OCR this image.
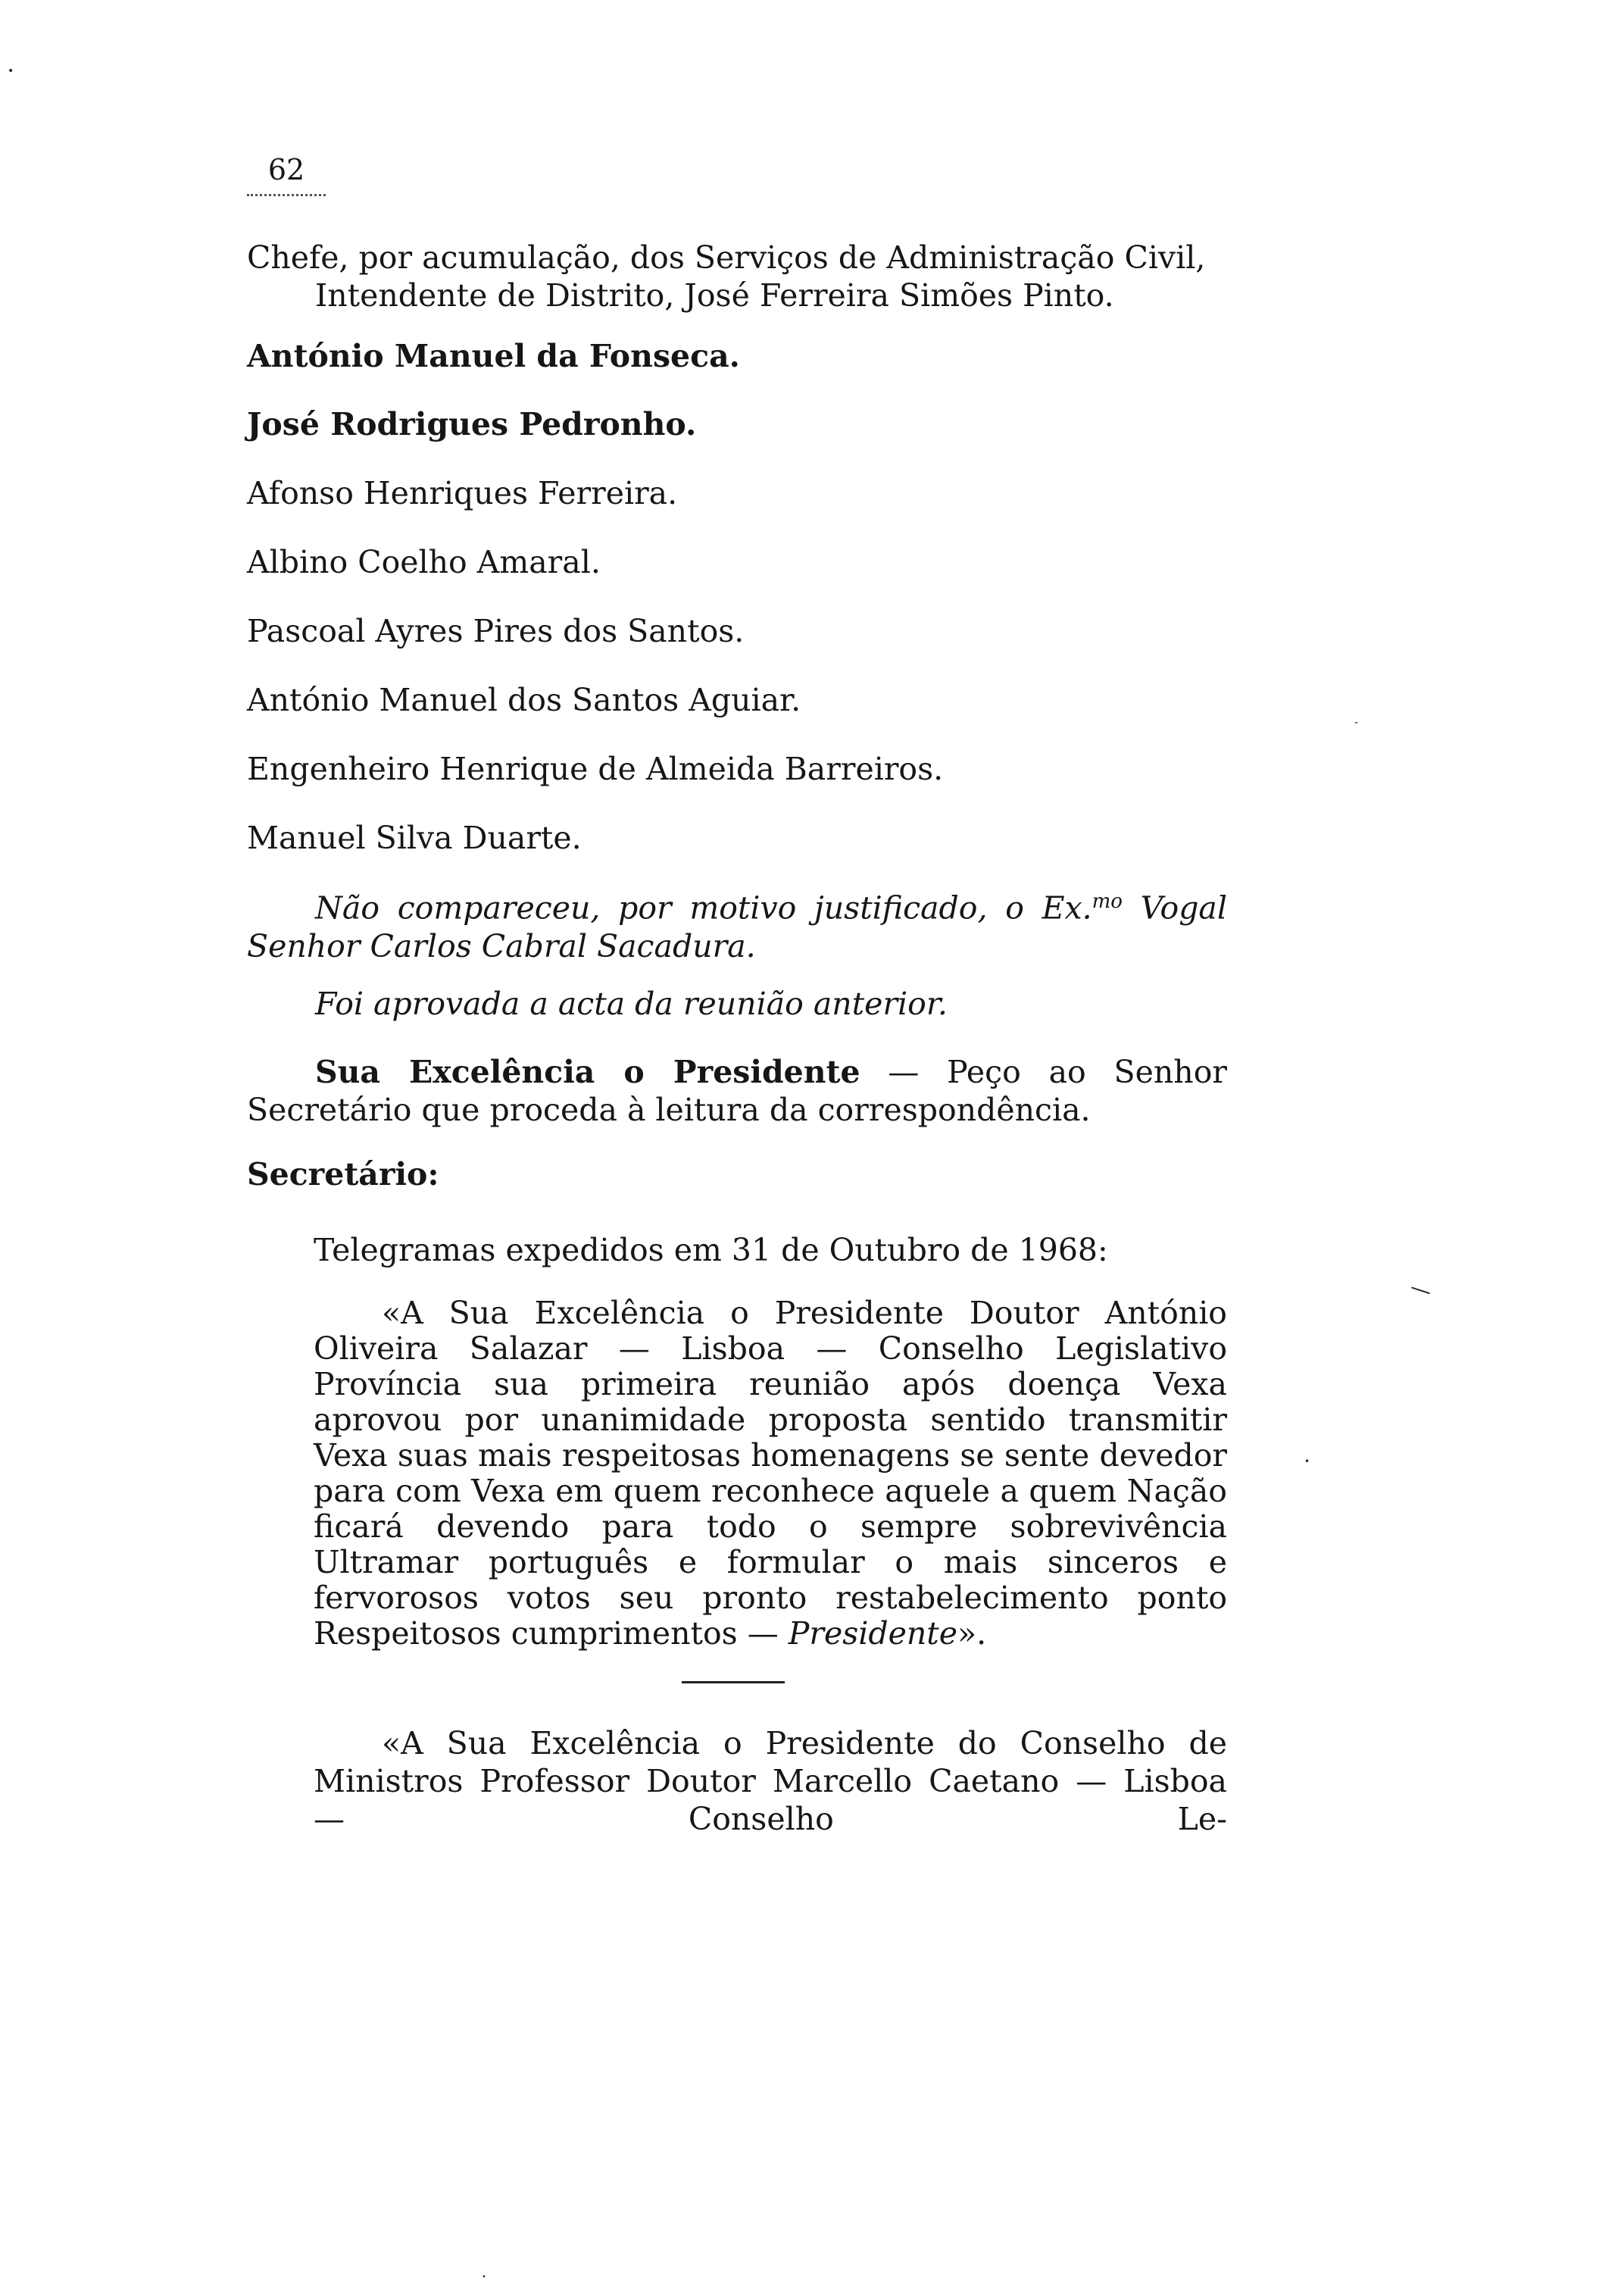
62

Chefe, por acumulação, dos Serviços de Administração Civil,
Intendente de Distrito, José Ferreira Simões Pinto.

António Manuel da Fonseca.

José Rodrigues Pedronho.

Afonso Henriques Ferreira.

Albino Coelho Amaral.

Pascoal Ayres Pires dos Santos.

António Manuel dos Santos Aguiar.

Engenheiro Henrique de Almeida Barreiros.

Manuel Silva Duarte.

Não compareceu, por motivo justificado, o Ex.$^{mo}$ Vogal Senhor Carlos Cabral Sacadura.

Foi aprovada a acta da reunião anterior.

Sua Excelência o Presidente — Peço ao Senhor Secretário que proceda à leitura da correspondência.

Secretário:

Telegramas expedidos em 31 de Outubro de 1968:

«A Sua Excelência o Presidente Doutor António Oliveira Salazar — Lisboa — Conselho Legislativo Província sua primeira reunião após doença Vexa aprovou por unanimidade proposta sentido transmitir Vexa suas mais respeitosas homenagens se sente devedor para com Vexa em quem reconhece aquele a quem Nação ficará devendo para todo o sempre sobrevivência Ultramar português e formular o mais sinceros e fervorosos votos seu pronto restabelecimento ponto Respeitosos cumprimentos — Presidente».

«A Sua Excelência o Presidente do Conselho de Ministros Professor Doutor Marcello Caetano — Lisboa — Conselho Le-

•
-
—
•
•
